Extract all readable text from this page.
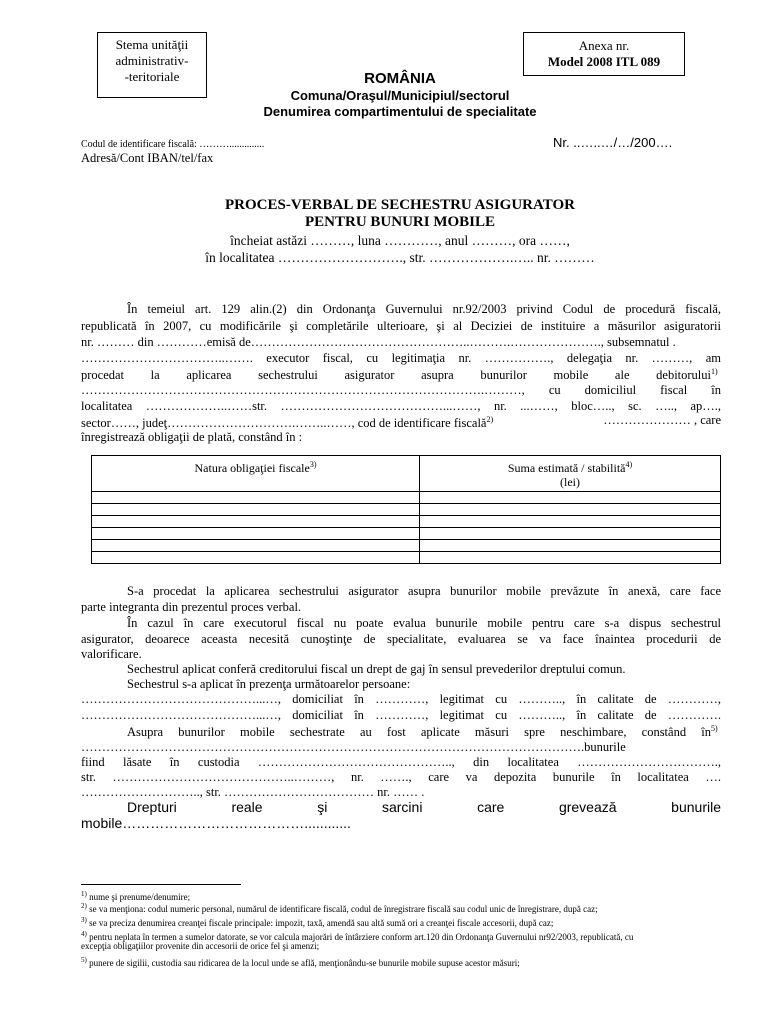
Stema unităţii
administrativ-
-teritoriale
Anexa nr.
Model 2008 ITL 089
ROMÂNIA
Comuna/Oraşul/Municipiul/sectorul
Denumirea compartimentului de specialitate
Codul de identificare fiscală: ………..............	Nr. ..…..…/…/200….
Adresă/Cont IBAN/tel/fax
PROCES-VERBAL DE SECHESTRU ASIGURATOR
PENTRU BUNURI MOBILE
încheiat astăzi ………, luna …………, anul ………, ora ……,
în localitatea ………………………., str. ……………….….. nr. ………
În temeiul art. 129 alin.(2) din Ordonanţa Guvernului nr.92/2003 privind Codul de procedură fiscală,
republicată în 2007, cu modificările şi completările ulterioare, şi al Deciziei de instituire a măsurilor asiguratorii
nr. ……… din …………emisă de……………………………………………..……….…………………., subsemnatul .
……………………………..……. executor fiscal, cu legitimaţia nr. ……………., delegaţia nr. ………, am
procedat la aplicarea sechestrului asigurator asupra bunurilor mobile ale debitorului$^{1)}$
…………………………………………………………………………………….………, cu domiciliul fiscal în
localitatea ………………..……str. …………………………………...……, nr. ...……, bloc….., sc. ….., ap….,
sector……, judeţ………………………….……..……, cod de identificare fiscală$^{2)}$	………………… , care
înregistrează obligaţii de plată, constând în :
Natura obligaţiei fiscale$^{3)}$	Suma estimată / stabilită$^{4)}$
(lei)

S-a procedat la aplicarea sechestrului asigurator asupra bunurilor mobile prevăzute în anexă, care face
parte integranta din prezentul proces verbal.
În cazul în care executorul fiscal nu poate evalua bunurile mobile pentru care s-a dispus sechestrul
asigurator, deoarece aceasta necesită cunoştinţe de specialitate, evaluarea se va face înaintea procedurii de
valorificare.
Sechestrul aplicat conferă creditorului fiscal un drept de gaj în sensul prevederilor dreptului comun.
Sechestrul s-a aplicat în prezenţa următoarelor persoane:
……………………………………...…, domiciliat în …………, legitimat cu ……….., în calitate de …………,
……………………………………...…, domiciliat în …………, legitimat cu ……….., în calitate de ………….
Asupra bunurilor mobile sechestrate au fost aplicate măsuri spre neschimbare, constând $în^{5)}$
………………………………………………………………………………………………………….bunurile
fiind lăsate în custodia ……………………………………….., din localitatea …………………………….,
str. ……………………………………..………, nr. ……., care va depozita bunurile în localitatea ….
……………………….., str. ……………………………… nr. …… .
Drepturi reale şi sarcini care grevează bunurile
mobile…………………………………............
$^{1)}$ nume şi prenume/denumire;
$^{2)}$ se va menţiona: codul numeric personal, numărul de identificare fiscală, codul de înregistrare fiscală sau codul unic de înregistrare, după caz;
$^{3)}$ se va preciza denumirea creanţei fiscale principale: impozit, taxă, amendă sau altă sumă ori a creanţei fiscale accesorii, după caz;
$^{4)}$ pentru neplata în termen a sumelor datorate, se vor calcula majorări de întârziere conform art.120 din Ordonanţa Guvernului nr92/2003, republicată, cu
excepţia obligaţiilor provenite din accesorii de orice fel şi amenzi;
$^{5)}$ punere de sigilii, custodia sau ridicarea de la locul unde se află, menţionându-se bunurile mobile supuse acestor măsuri;
